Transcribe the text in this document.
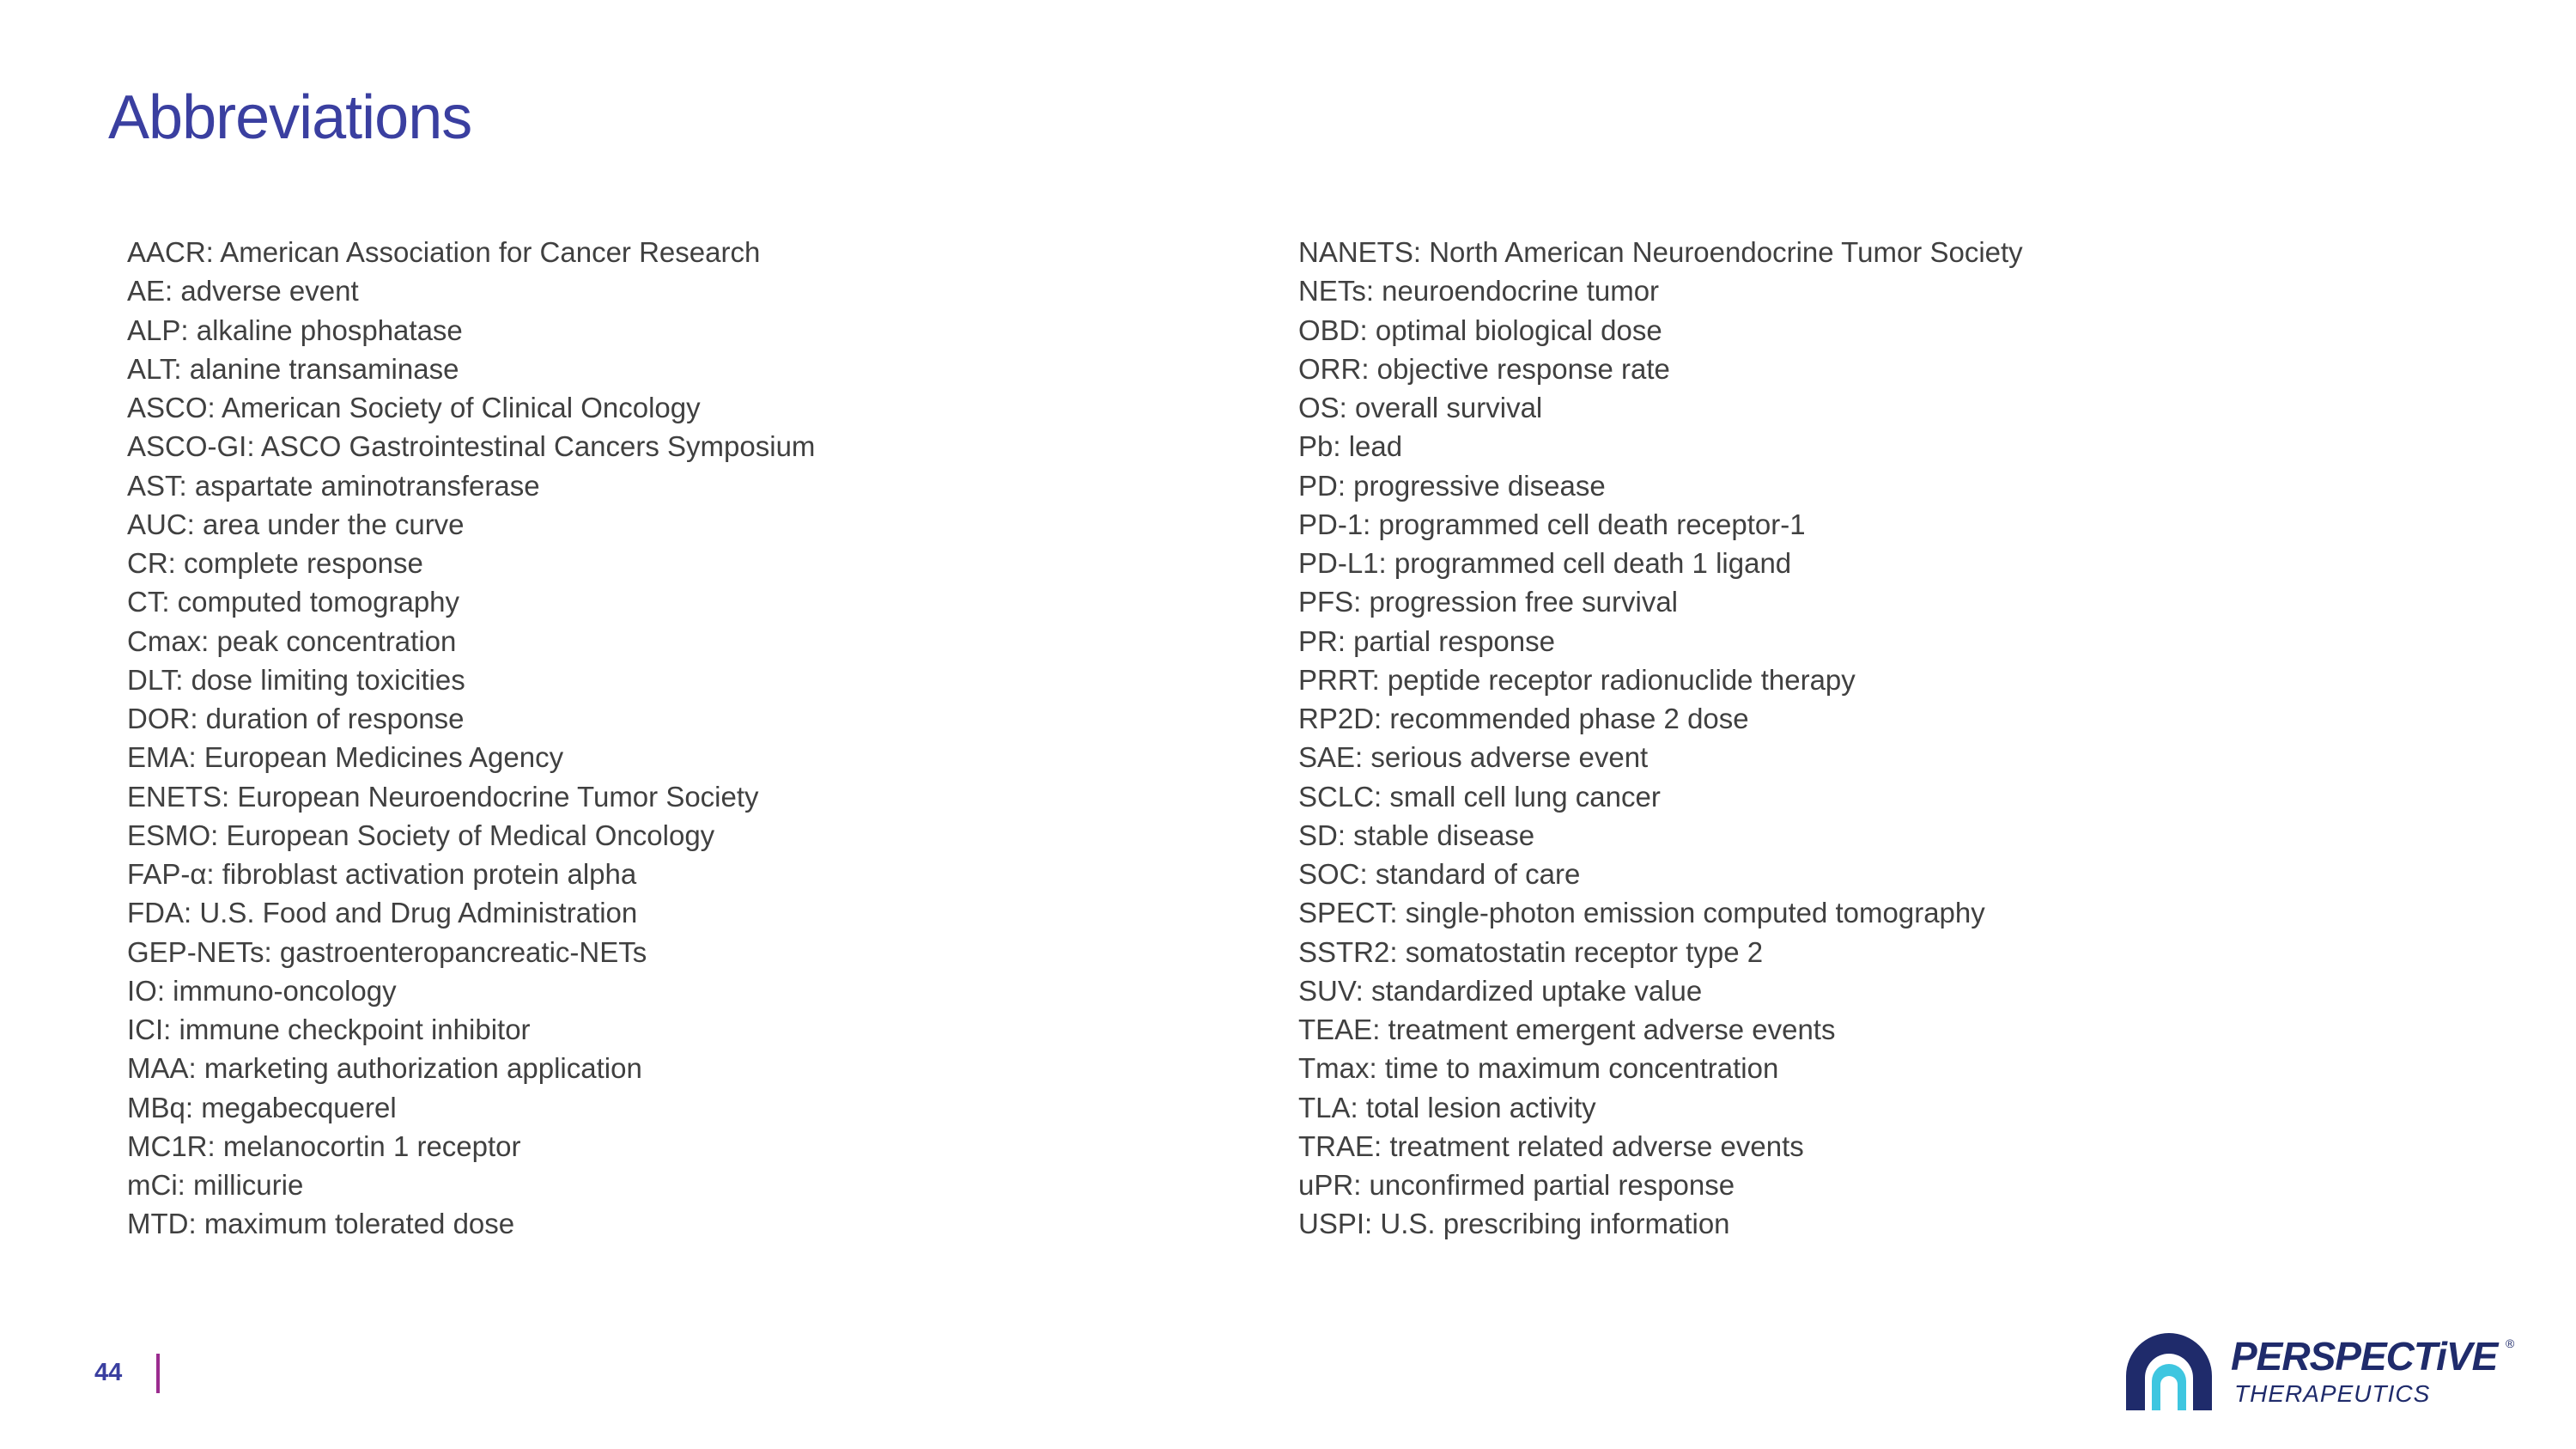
Abbreviations
AACR: American Association for Cancer Research
AE: adverse event
ALP: alkaline phosphatase
ALT: alanine transaminase
ASCO: American Society of Clinical Oncology
ASCO-GI: ASCO Gastrointestinal Cancers Symposium
AST: aspartate aminotransferase
AUC: area under the curve
CR: complete response
CT: computed tomography
Cmax: peak concentration
DLT: dose limiting toxicities
DOR: duration of response
EMA: European Medicines Agency
ENETS: European Neuroendocrine Tumor Society
ESMO: European Society of Medical Oncology
FAP-α: fibroblast activation protein alpha
FDA: U.S. Food and Drug Administration
GEP-NETs: gastroenteropancreatic-NETs
IO: immuno-oncology
ICI: immune checkpoint inhibitor
MAA: marketing authorization application
MBq: megabecquerel
MC1R: melanocortin 1 receptor
mCi: millicurie
MTD: maximum tolerated dose
NANETS: North American Neuroendocrine Tumor Society
NETs: neuroendocrine tumor
OBD: optimal biological dose
ORR: objective response rate
OS: overall survival
Pb: lead
PD: progressive disease
PD-1: programmed cell death receptor-1
PD-L1: programmed cell death 1 ligand
PFS: progression free survival
PR: partial response
PRRT: peptide receptor radionuclide therapy
RP2D: recommended phase 2 dose
SAE: serious adverse event
SCLC: small cell lung cancer
SD: stable disease
SOC: standard of care
SPECT: single-photon emission computed tomography
SSTR2: somatostatin receptor type 2
SUV: standardized uptake value
TEAE: treatment emergent adverse events
Tmax: time to maximum concentration
TLA: total lesion activity
TRAE: treatment related adverse events
uPR: unconfirmed partial response
USPI: U.S. prescribing information
44	PERSPECTiVE ®
THERAPEUTICS
